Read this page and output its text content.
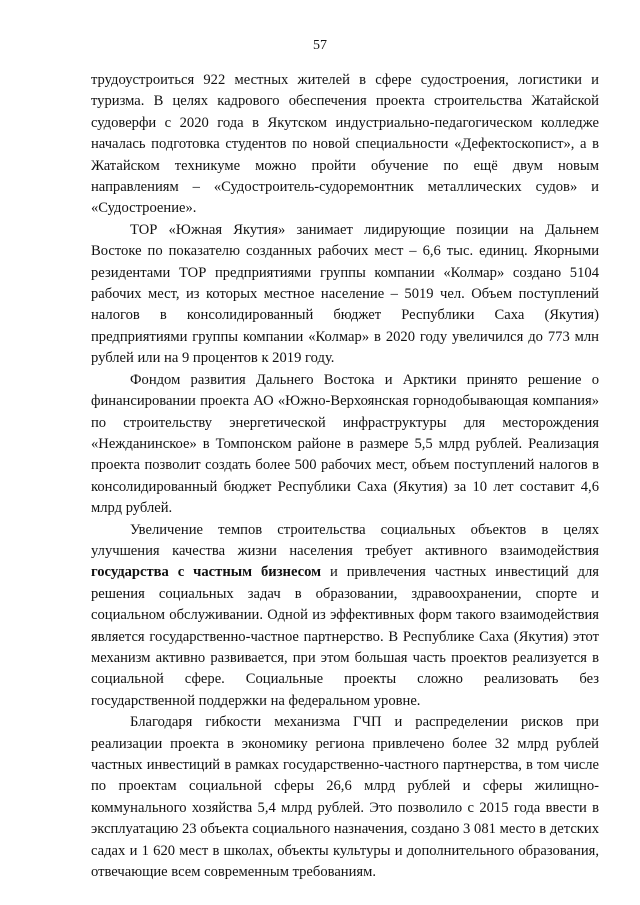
57

трудоустроиться 922 местных жителей в сфере судостроения, логистики и туризма. В целях кадрового обеспечения проекта строительства Жатайской судоверфи с 2020 года в Якутском индустриально-педагогическом колледже началась подготовка студентов по новой специальности «Дефектоскопист», а в Жатайском техникуме можно пройти обучение по ещё двум новым направлениям – «Судостроитель-судоремонтник металлических судов» и «Судостроение».

ТОР «Южная Якутия» занимает лидирующие позиции на Дальнем Востоке по показателю созданных рабочих мест – 6,6 тыс. единиц. Якорными резидентами ТОР предприятиями группы компании «Колмар» создано 5104 рабочих мест, из которых местное население – 5019 чел. Объем поступлений налогов в консолидированный бюджет Республики Саха (Якутия) предприятиями группы компании «Колмар» в 2020 году увеличился до 773 млн рублей или на 9 процентов к 2019 году.

Фондом развития Дальнего Востока и Арктики принято решение о финансировании проекта АО «Южно-Верхоянская горнодобывающая компания» по строительству энергетической инфраструктуры для месторождения «Нежданинское» в Томпонском районе в размере 5,5 млрд рублей. Реализация проекта позволит создать более 500 рабочих мест, объем поступлений налогов в консолидированный бюджет Республики Саха (Якутия) за 10 лет составит 4,6 млрд рублей.

Увеличение темпов строительства социальных объектов в целях улучшения качества жизни населения требует активного взаимодействия государства с частным бизнесом и привлечения частных инвестиций для решения социальных задач в образовании, здравоохранении, спорте и социальном обслуживании. Одной из эффективных форм такого взаимодействия является государственно-частное партнерство. В Республике Саха (Якутия) этот механизм активно развивается, при этом большая часть проектов реализуется в социальной сфере. Социальные проекты сложно реализовать без государственной поддержки на федеральном уровне.

Благодаря гибкости механизма ГЧП и распределении рисков при реализации проекта в экономику региона привлечено более 32 млрд рублей частных инвестиций в рамках государственно-частного партнерства, в том числе по проектам социальной сферы 26,6 млрд рублей и сферы жилищно-коммунального хозяйства 5,4 млрд рублей. Это позволило с 2015 года ввести в эксплуатацию 23 объекта социального назначения, создано 3 081 место в детских садах и 1 620 мест в школах, объекты культуры и дополнительного образования, отвечающие всем современным требованиям.
